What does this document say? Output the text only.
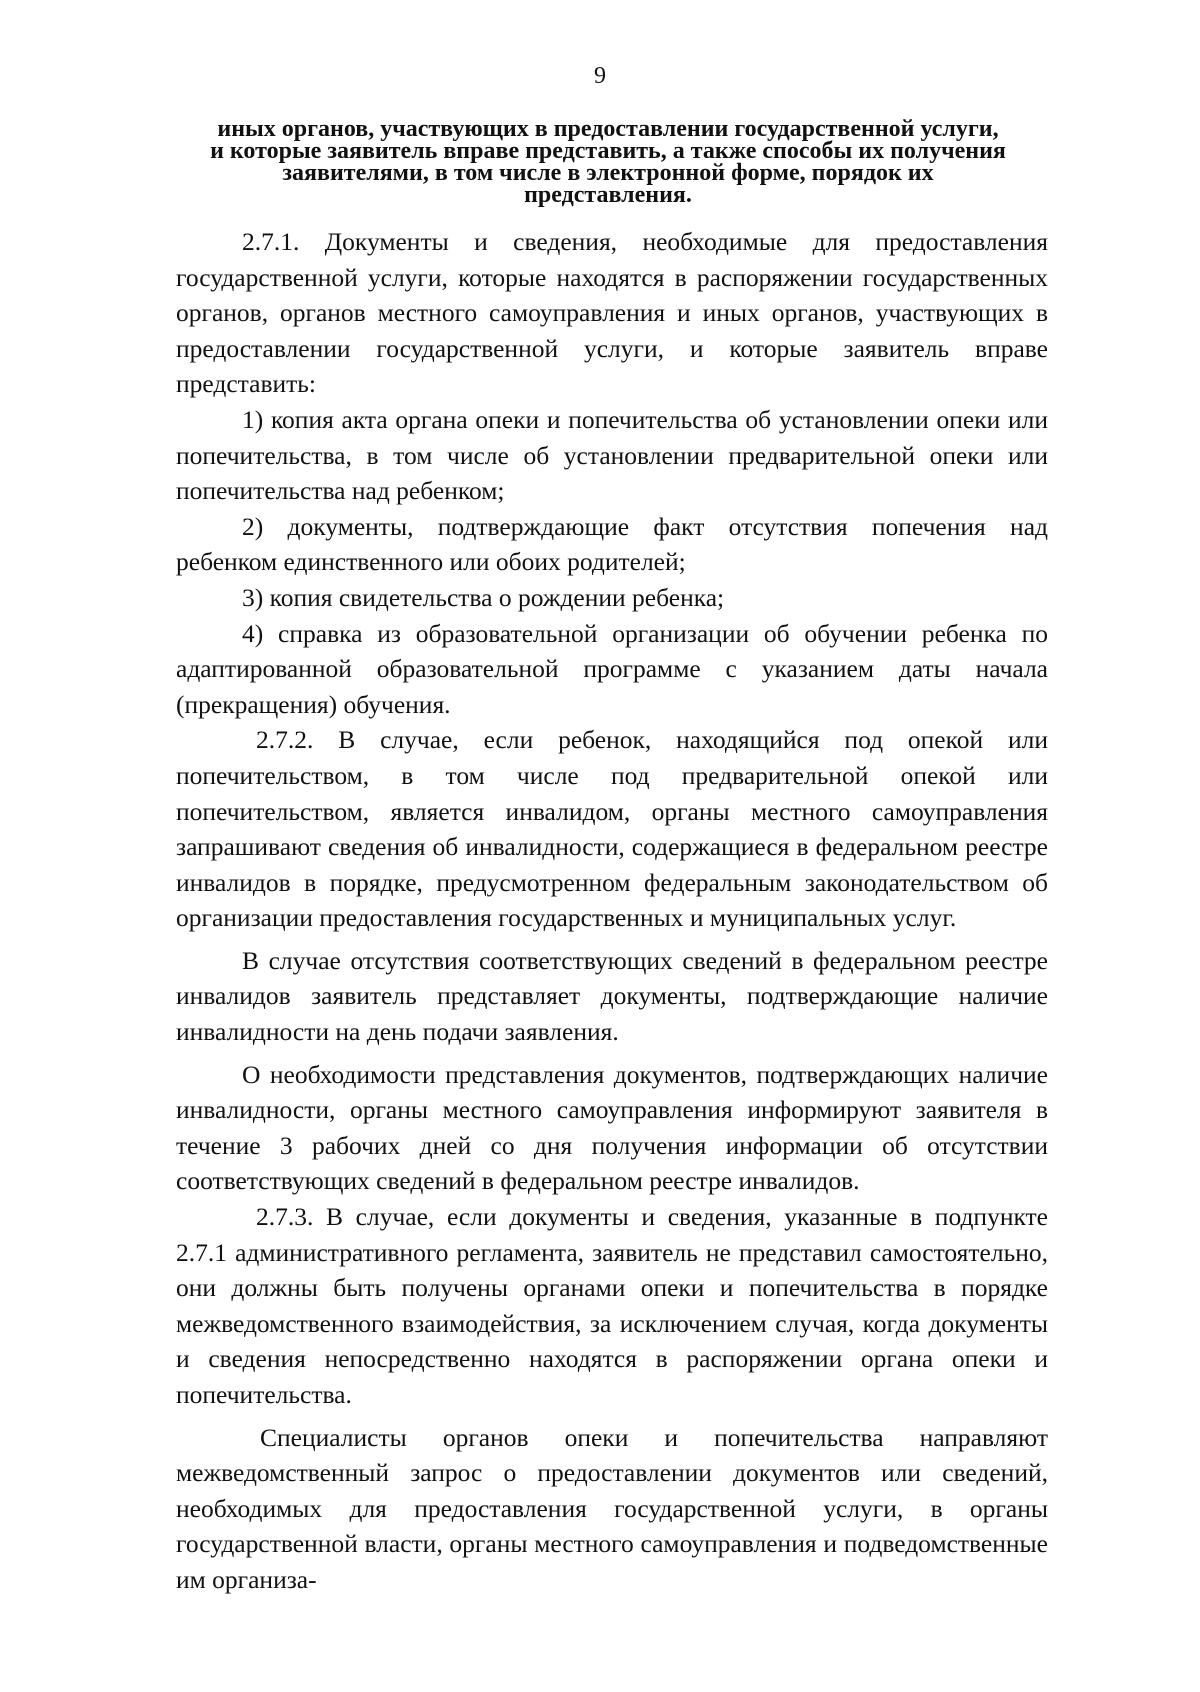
9
иных органов, участвующих в предоставлении государственной услуги,
и которые заявитель вправе представить, а также способы их получения
заявителями, в том числе в электронной форме, порядок их
представления.

2.7.1. Документы и сведения, необходимые для предоставления государственной услуги, которые находятся в распоряжении государственных органов, органов местного самоуправления и иных органов, участвующих в предоставлении государственной услуги, и которые заявитель вправе представить:

1) копия акта органа опеки и попечительства об установлении опеки или попечительства, в том числе об установлении предварительной опеки или попечительства над ребенком;

2) документы, подтверждающие факт отсутствия попечения над ребенком единственного или обоих родителей;

3) копия свидетельства о рождении ребенка;

4) справка из образовательной организации об обучении ребенка по адаптированной образовательной программе с указанием даты начала (прекращения) обучения.

2.7.2. В случае, если ребенок, находящийся под опекой или попечительством, в том числе под предварительной опекой или попечительством, является инвалидом, органы местного самоуправления запрашивают сведения об инвалидности, содержащиеся в федеральном реестре инвалидов в порядке, предусмотренном федеральным законодательством об организации предоставления государственных и муниципальных услуг.

В случае отсутствия соответствующих сведений в федеральном реестре инвалидов заявитель представляет документы, подтверждающие наличие инвалидности на день подачи заявления.

О необходимости представления документов, подтверждающих наличие инвалидности, органы местного самоуправления информируют заявителя в течение 3 рабочих дней со дня получения информации об отсутствии соответствующих сведений в федеральном реестре инвалидов.

2.7.3. В случае, если документы и сведения, указанные в подпункте 2.7.1 административного регламента, заявитель не представил самостоятельно, они должны быть получены органами опеки и попечительства в порядке межведомственного взаимодействия, за исключением случая, когда документы и сведения непосредственно находятся в распоряжении органа опеки и попечительства.

Специалисты органов опеки и попечительства направляют межведомственный запрос о предоставлении документов или сведений, необходимых для предоставления государственной услуги, в органы государственной власти, органы местного самоуправления и подведомственные им организа-
